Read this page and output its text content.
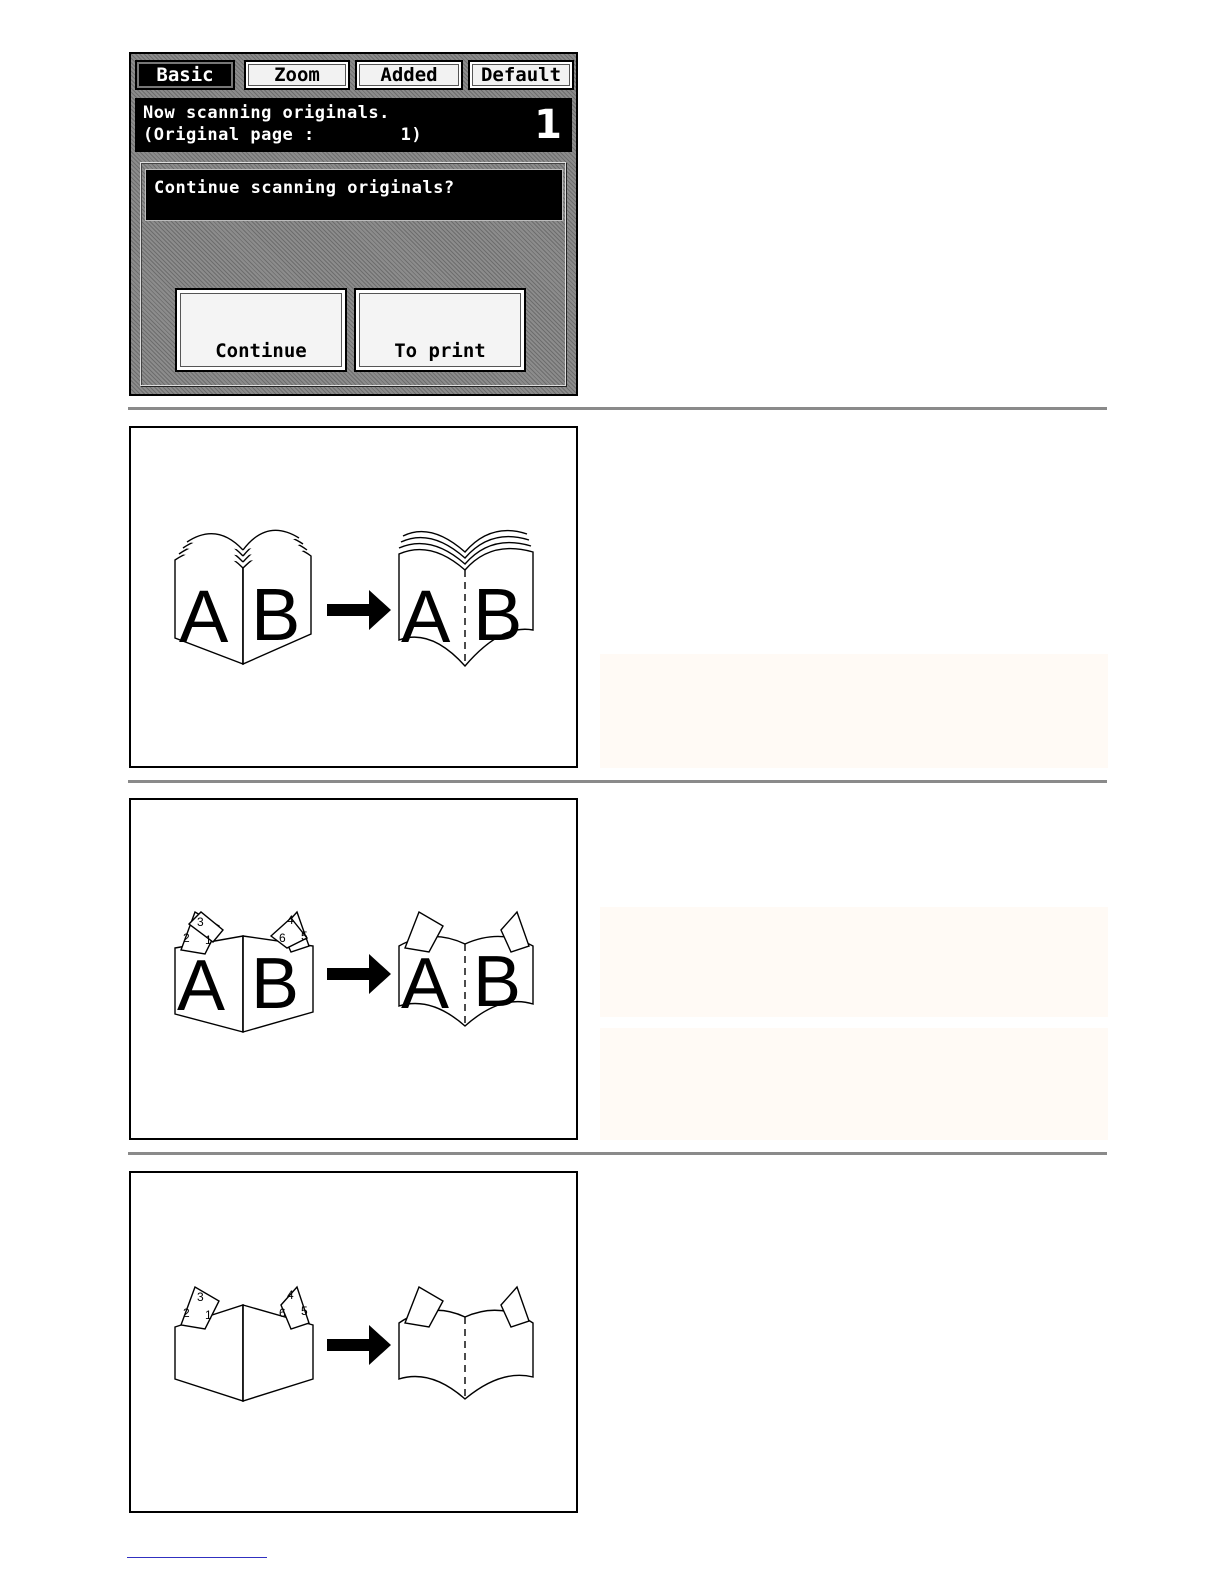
Basic	Zoom	Added	Default
Now scanning originals.
(Original page :        1)	1
Continue scanning originals?
Continue	To print
A B A B
A B
2
3
1	6
4
5
A B
2
3
1	6
4
5
